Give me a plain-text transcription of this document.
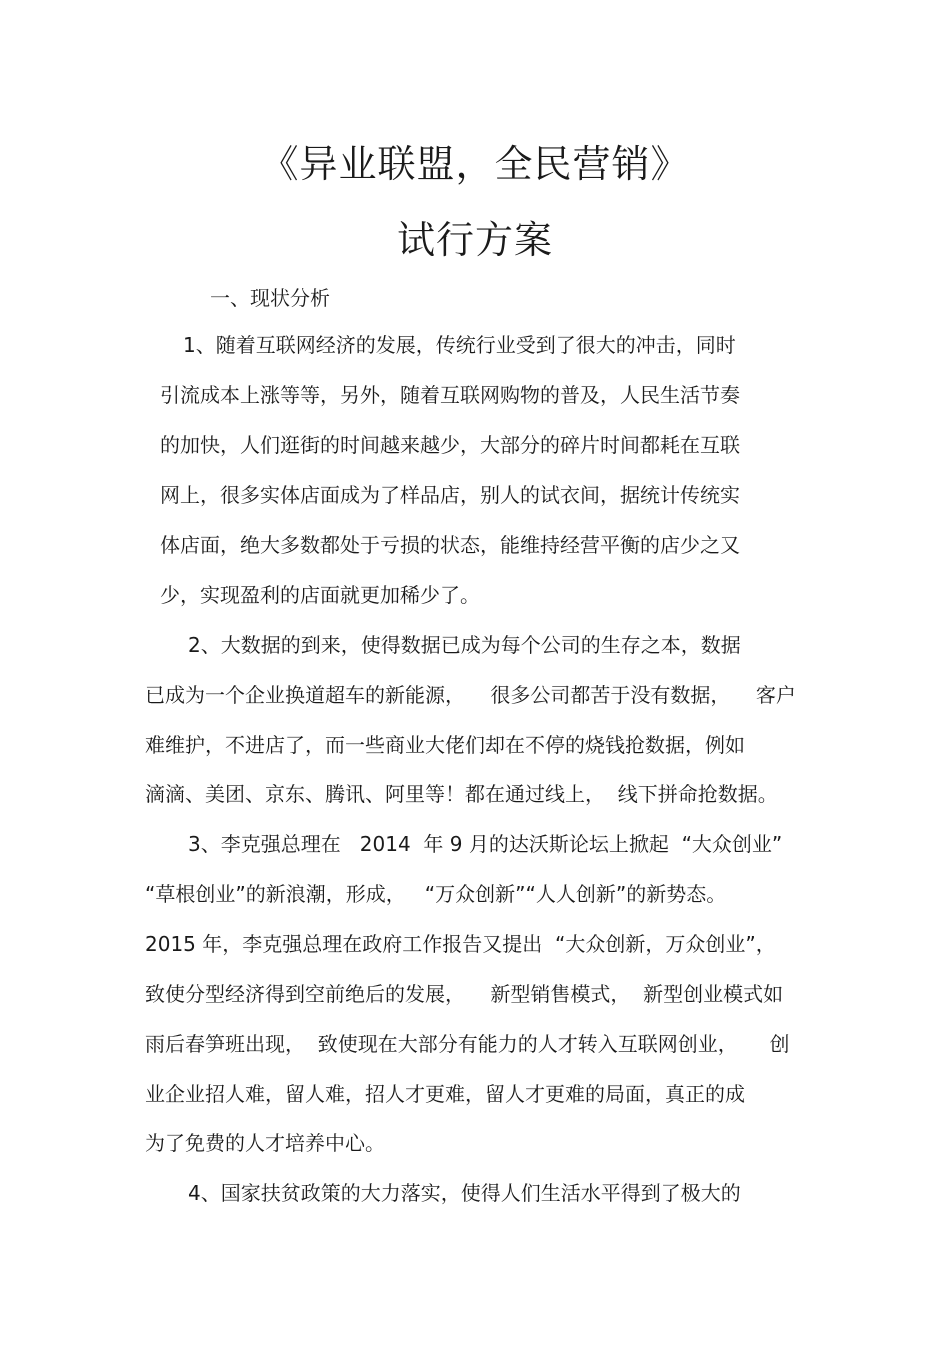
《异业联盟，全民营销》
试行方案

一、现状分析

1、随着互联网经济的发展，传统行业受到了很大的冲击，同时

引流成本上涨等等，另外，随着互联网购物的普及，人民生活节奏

的加快，人们逛街的时间越来越少，大部分的碎片时间都耗在互联

网上，很多实体店面成为了样品店，别人的试衣间，据统计传统实

体店面，绝大多数都处于亏损的状态，能维持经营平衡的店少之又

少，实现盈利的店面就更加稀少了。

2、大数据的到来，使得数据已成为每个公司的生存之本，数据

已成为一个企业换道超车的新能源，    很多公司都苦于没有数据，    客户

难维护，不进店了，而一些商业大佬们却在不停的烧钱抢数据，例如

滴滴、美团、京东、腾讯、阿里等！都在通过线上，  线下拼命抢数据。

3、李克强总理在   2014  年 9 月的达沃斯论坛上掀起  “大众创业”

“草根创业”的新浪潮，形成，   “万众创新”“人人创新”的新势态。

2015 年，李克强总理在政府工作报告又提出  “大众创新，万众创业”，

致使分型经济得到空前绝后的发展，    新型销售模式，  新型创业模式如

雨后春笋班出现，  致使现在大部分有能力的人才转入互联网创业，     创

业企业招人难，留人难，招人才更难，留人才更难的局面，真正的成

为了免费的人才培养中心。

4、国家扶贫政策的大力落实，使得人们生活水平得到了极大的
